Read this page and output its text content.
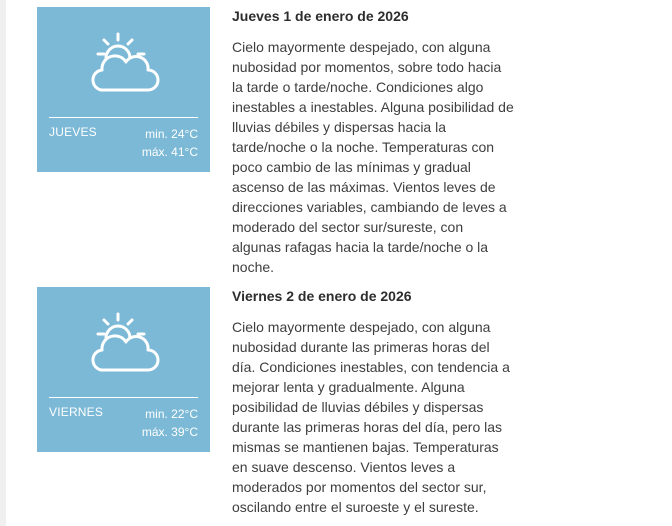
JUEVES	min. 24°C
máx. 41°C

Jueves 1 de enero de 2026

Cielo mayormente despejado, con alguna nubosidad por momentos, sobre todo hacia la tarde o tarde/noche. Condiciones algo inestables a inestables. Alguna posibilidad de lluvias débiles y dispersas hacia la tarde/noche o la noche. Temperaturas con poco cambio de las mínimas y gradual ascenso de las máximas. Vientos leves de direcciones variables, cambiando de leves a moderado del sector sur/sureste, con algunas rafagas hacia la tarde/noche o la noche.

VIERNES	min. 22°C
máx. 39°C

Viernes 2 de enero de 2026

Cielo mayormente despejado, con alguna nubosidad durante las primeras horas del día. Condiciones inestables, con tendencia a mejorar lenta y gradualmente. Alguna posibilidad de lluvias débiles y dispersas durante las primeras horas del día, pero las mismas se mantienen bajas. Temperaturas en suave descenso. Vientos leves a moderados por momentos del sector sur, oscilando entre el suroeste y el sureste.
